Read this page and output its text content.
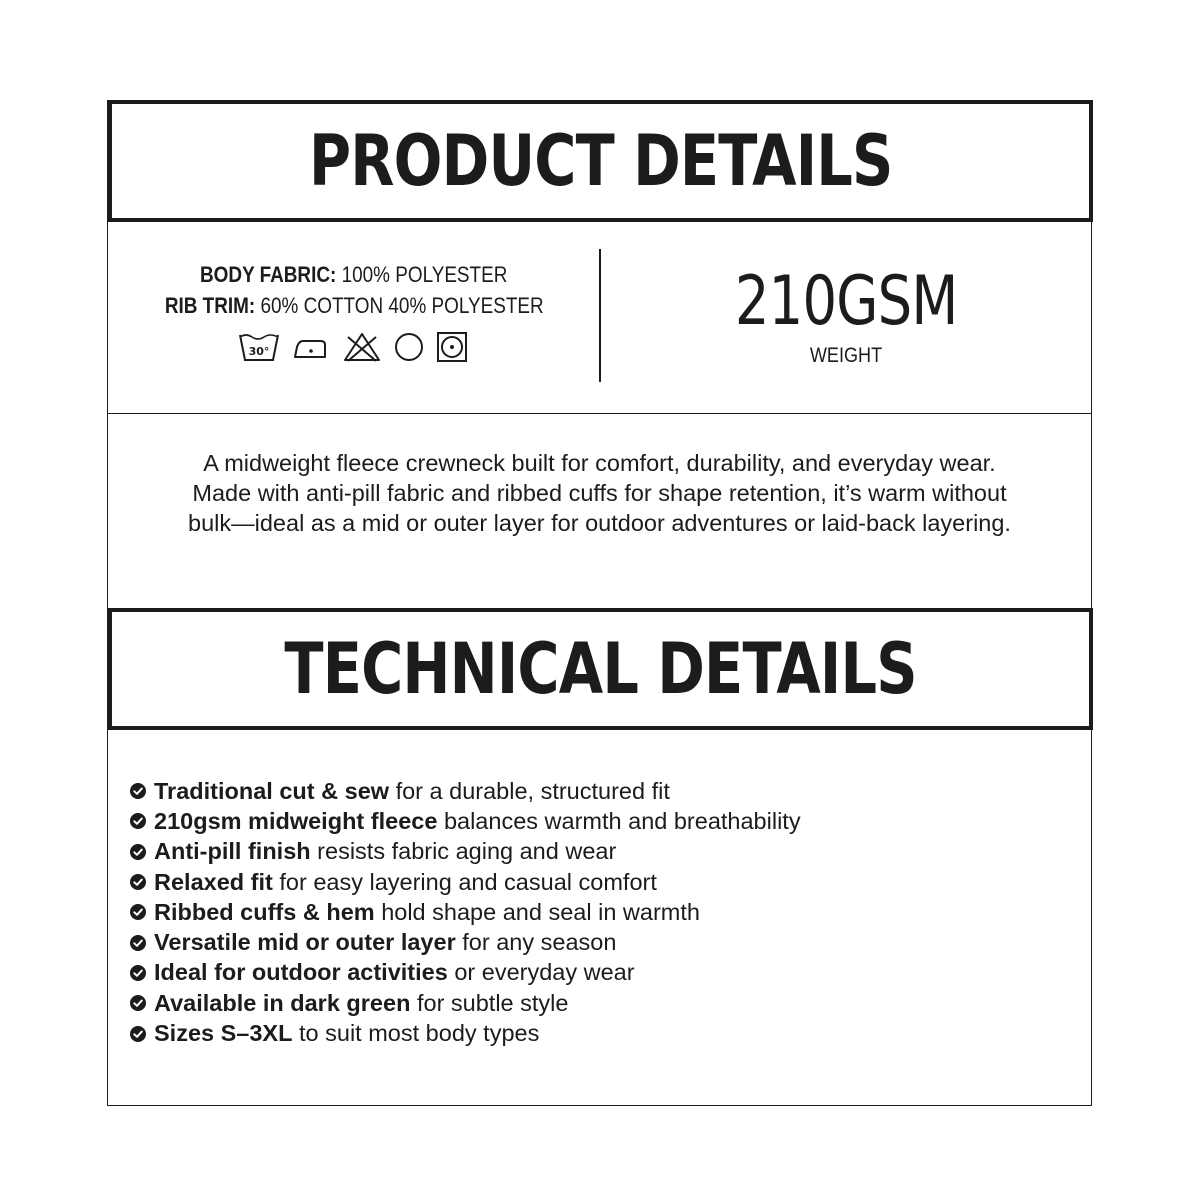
PRODUCT DETAILS
BODY FABRIC: 100% POLYESTER
RIB TRIM: 60% COTTON 40% POLYESTER
30°
210GSM
WEIGHT

A midweight fleece crewneck built for comfort, durability, and everyday wear.

Made with anti-pill fabric and ribbed cuffs for shape retention, it’s warm without

bulk—ideal as a mid or outer layer for outdoor adventures or laid-back layering.

TECHNICAL DETAILS
Traditional cut & sew for a durable, structured fit
210gsm midweight fleece balances warmth and breathability
Anti-pill finish resists fabric aging and wear
Relaxed fit for easy layering and casual comfort
Ribbed cuffs & hem hold shape and seal in warmth
Versatile mid or outer layer for any season
Ideal for outdoor activities or everyday wear
Available in dark green for subtle style
Sizes S–3XL to suit most body types
